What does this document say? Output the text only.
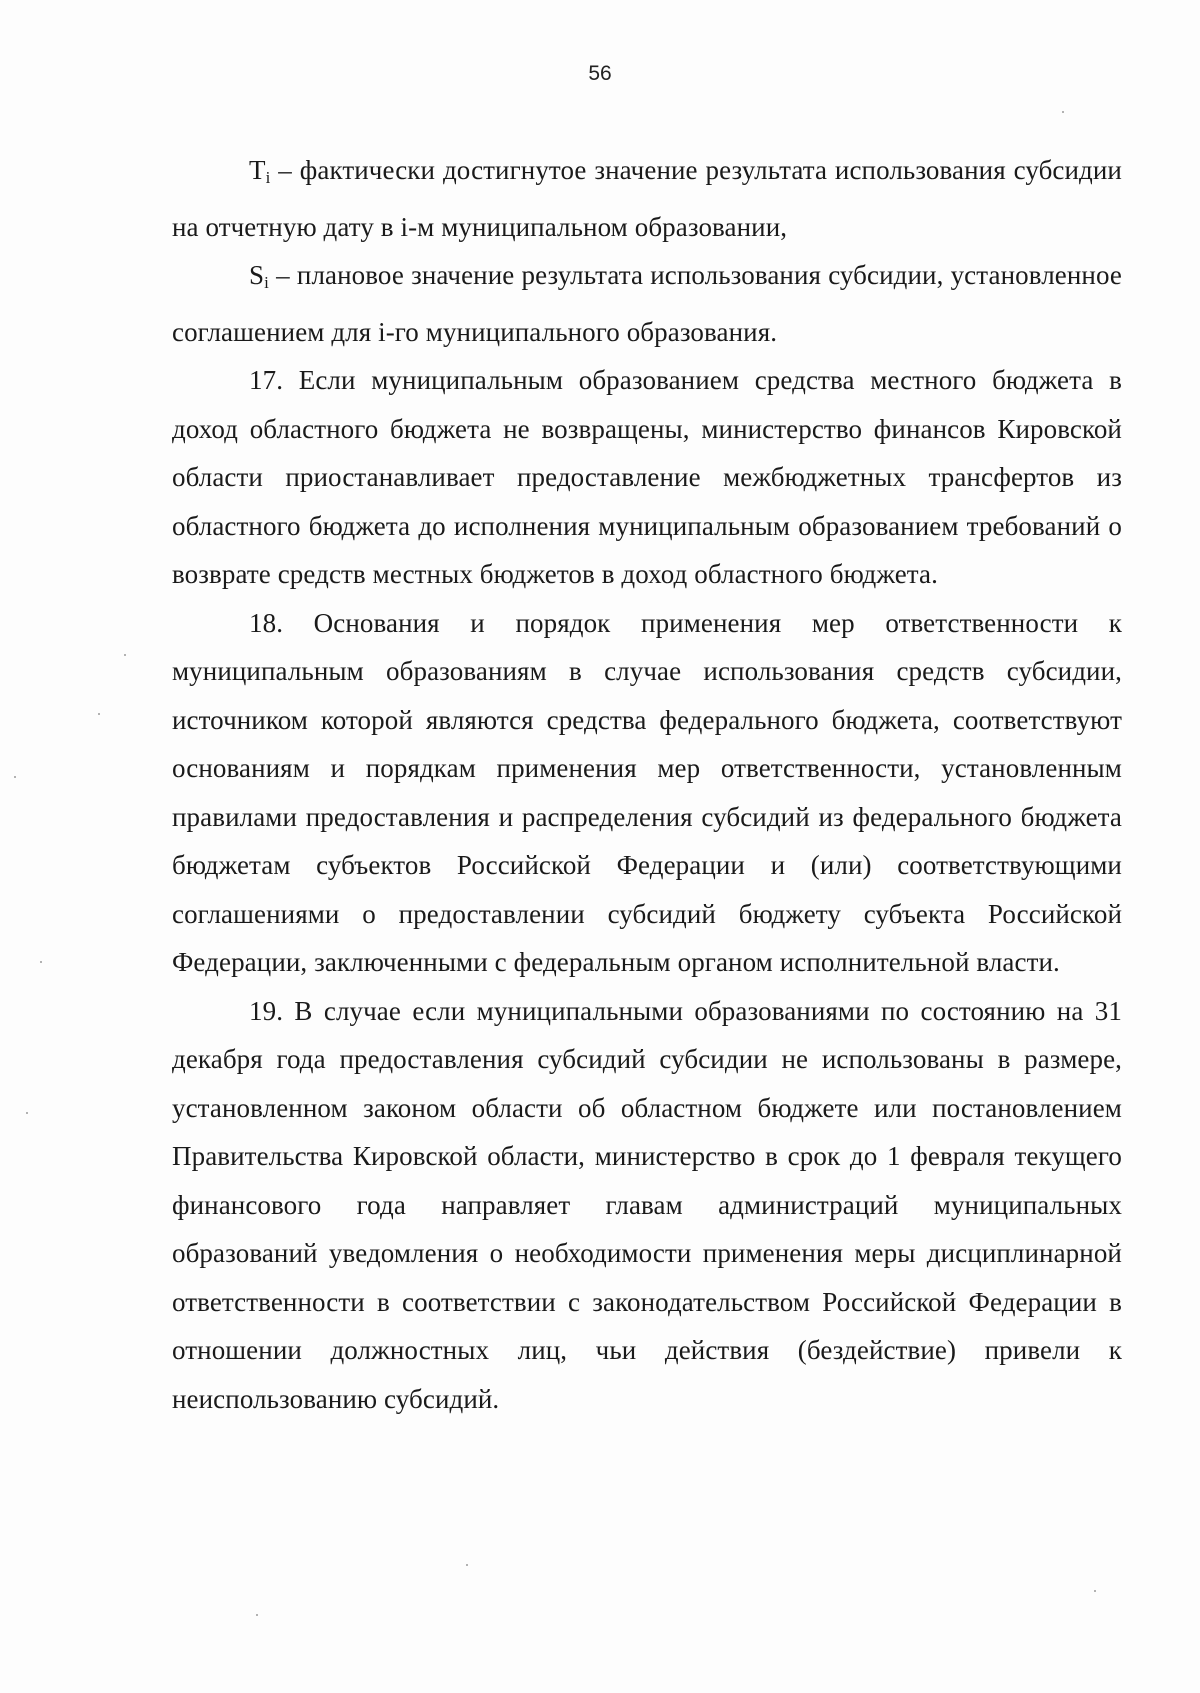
56

$T_i$ – фактически достигнутое значение результата использования субсидии на отчетную дату в i-м муниципальном образовании,

$S_i$ – плановое значение результата использования субсидии, установленное соглашением для i-го муниципального образования.

17. Если муниципальным образованием средства местного бюджета в доход областного бюджета не возвращены, министерство финансов Кировской области приостанавливает предоставление межбюджетных трансфертов из областного бюджета до исполнения муниципальным образованием требований о возврате средств местных бюджетов в доход областного бюджета.

18. Основания и порядок применения мер ответственности к муниципальным образованиям в случае использования средств субсидии, источником которой являются средства федерального бюджета, соответствуют основаниям и порядкам применения мер ответственности, установленным правилами предоставления и распределения субсидий из федерального бюджета бюджетам субъектов Российской Федерации и (или) соответствующими соглашениями о предоставлении субсидий бюджету субъекта Российской Федерации, заключенными с федеральным органом исполнительной власти.

19. В случае если муниципальными образованиями по состоянию на 31 декабря года предоставления субсидий субсидии не использованы в размере, установленном законом области об областном бюджете или постановлением Правительства Кировской области, министерство в срок до 1 февраля текущего финансового года направляет главам администраций муниципальных образований уведомления о необходимости применения меры дисциплинарной ответственности в соответствии с законодательством Российской Федерации в отношении должностных лиц, чьи действия (бездействие) привели к неиспользованию субсидий.
